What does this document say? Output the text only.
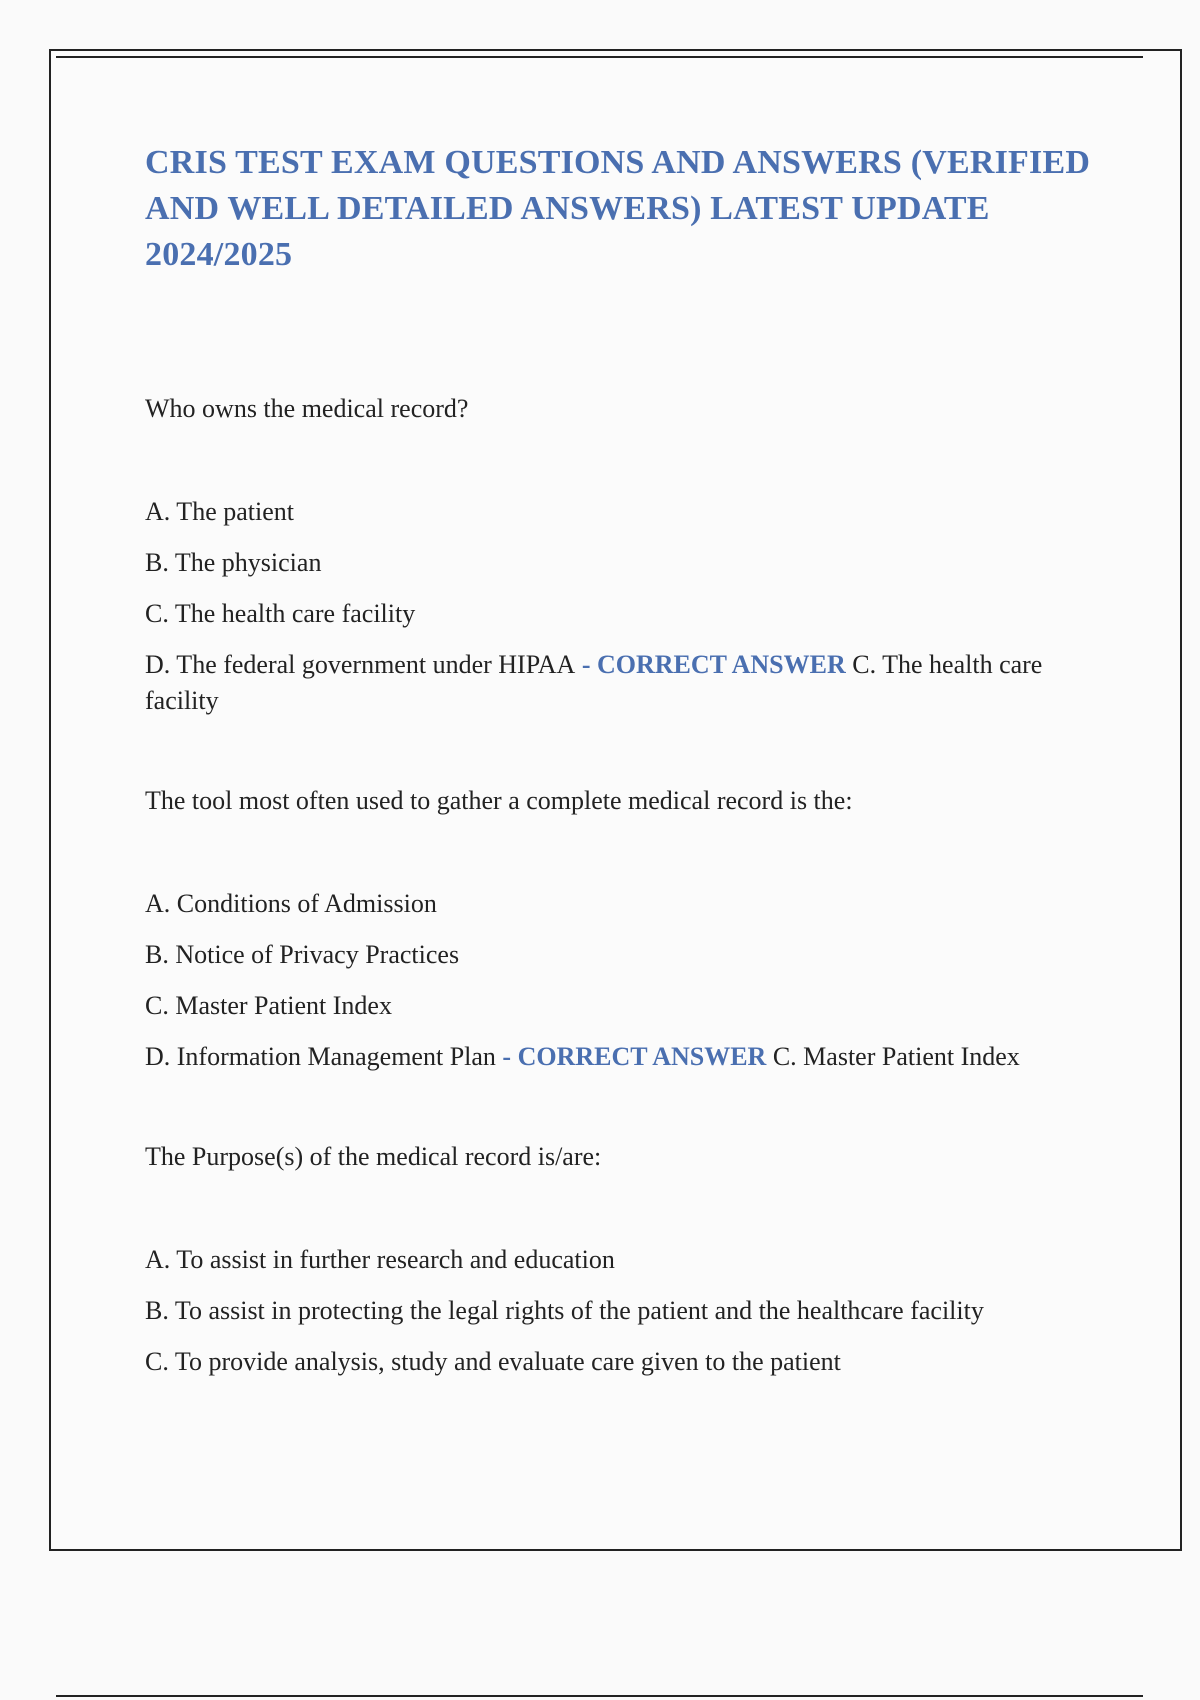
CRIS TEST EXAM QUESTIONS AND ANSWERS (VERIFIED AND WELL DETAILED ANSWERS) LATEST UPDATE 2024/2025

Who owns the medical record?

A. The patient

B. The physician

C. The health care facility

D. The federal government under HIPAA - CORRECT ANSWER C. The health care facility

The tool most often used to gather a complete medical record is the:

A. Conditions of Admission

B. Notice of Privacy Practices

C. Master Patient Index

D. Information Management Plan - CORRECT ANSWER C. Master Patient Index

The Purpose(s) of the medical record is/are:

A. To assist in further research and education

B. To assist in protecting the legal rights of the patient and the healthcare facility

C. To provide analysis, study and evaluate care given to the patient
